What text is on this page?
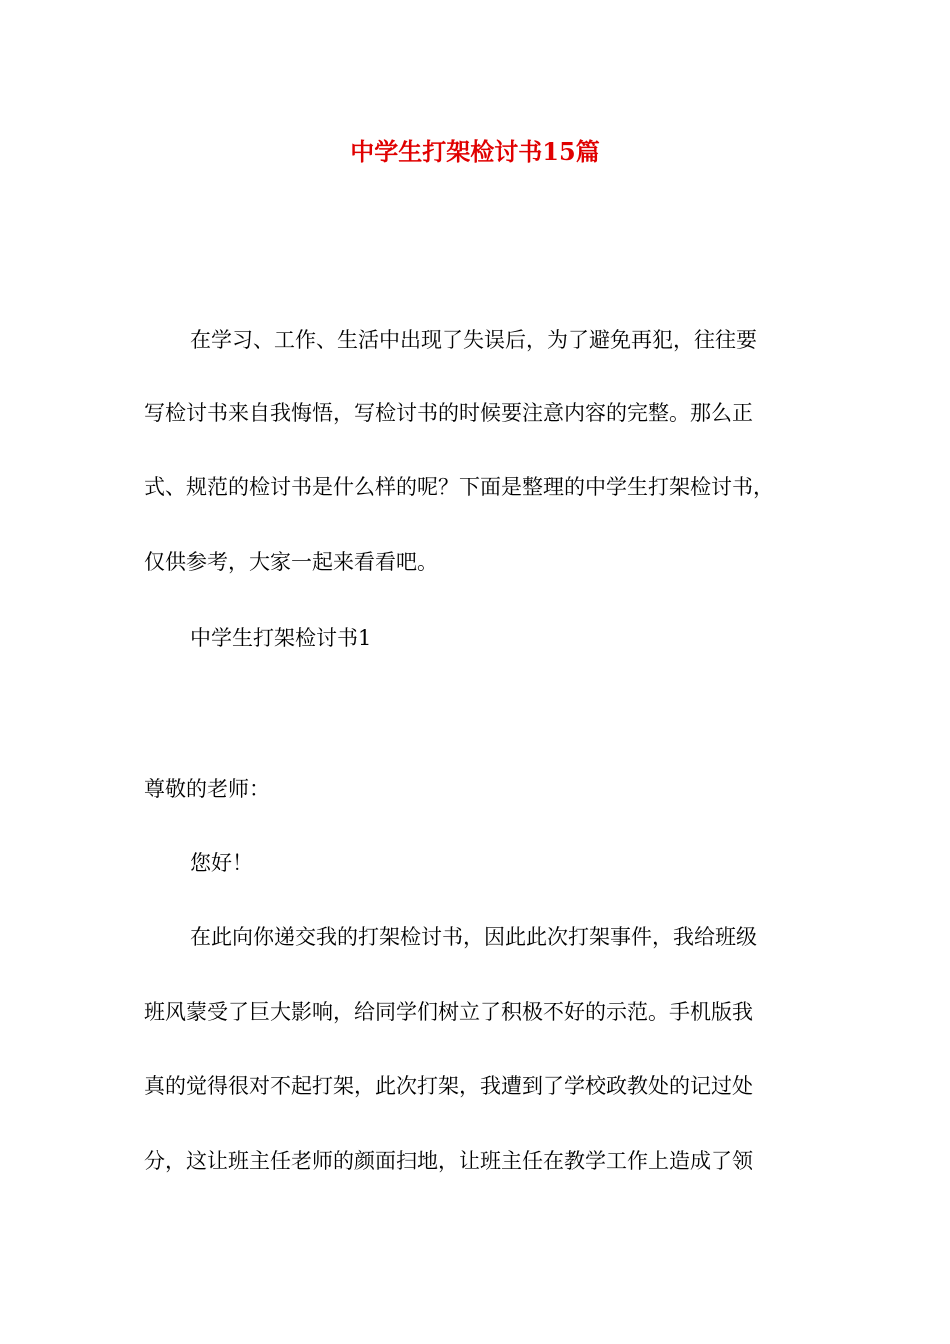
中学生打架检讨书15篇
在学习、工作、生活中出现了失误后，为了避免再犯，往往要
写检讨书来自我悔悟，写检讨书的时候要注意内容的完整。那么正
式、规范的检讨书是什么样的呢？下面是整理的中学生打架检讨书，
仅供参考，大家一起来看看吧。
中学生打架检讨书1
尊敬的老师：
您好！
在此向你递交我的打架检讨书，因此此次打架事件，我给班级
班风蒙受了巨大影响，给同学们树立了积极不好的示范。手机版我
真的觉得很对不起打架，此次打架，我遭到了学校政教处的记过处
分，这让班主任老师的颜面扫地，让班主任在教学工作上造成了领
